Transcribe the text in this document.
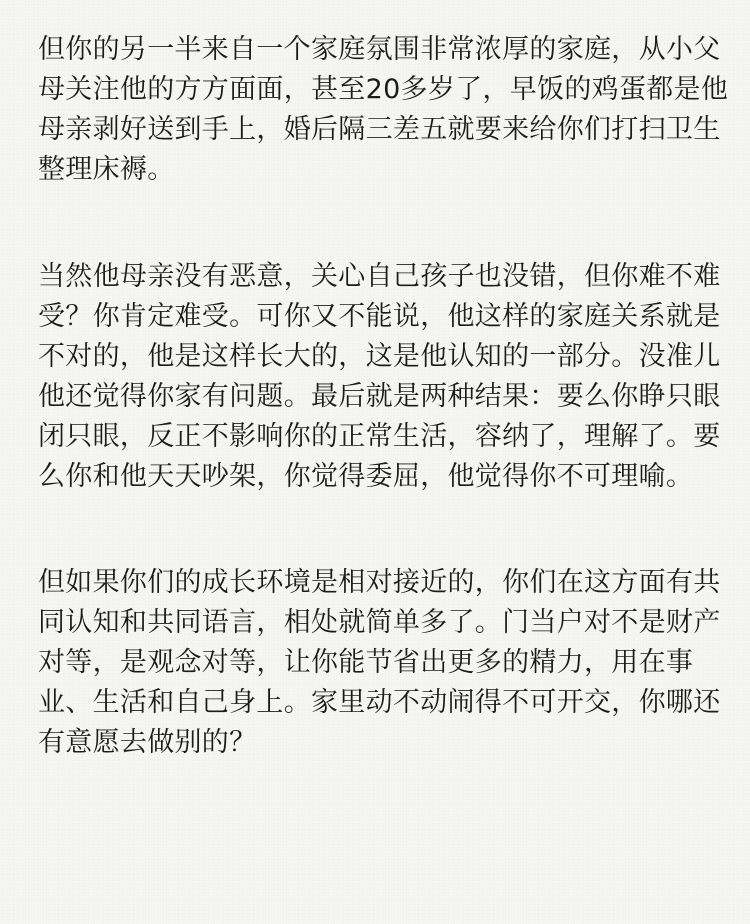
但你的另一半来自一个家庭氛围非常浓厚的家庭，从小父
母关注他的方方面面，甚至20多岁了，早饭的鸡蛋都是他
母亲剥好送到手上，婚后隔三差五就要来给你们打扫卫生
整理床褥。

当然他母亲没有恶意，关心自己孩子也没错，但你难不难
受？你肯定难受。可你又不能说，他这样的家庭关系就是
不对的，他是这样长大的，这是他认知的一部分。没准儿
他还觉得你家有问题。最后就是两种结果：要么你睁只眼
闭只眼，反正不影响你的正常生活，容纳了，理解了。要
么你和他天天吵架，你觉得委屈，他觉得你不可理喻。

但如果你们的成长环境是相对接近的，你们在这方面有共
同认知和共同语言，相处就简单多了。门当户对不是财产
对等，是观念对等，让你能节省出更多的精力，用在事
业、生活和自己身上。家里动不动闹得不可开交，你哪还
有意愿去做别的？
